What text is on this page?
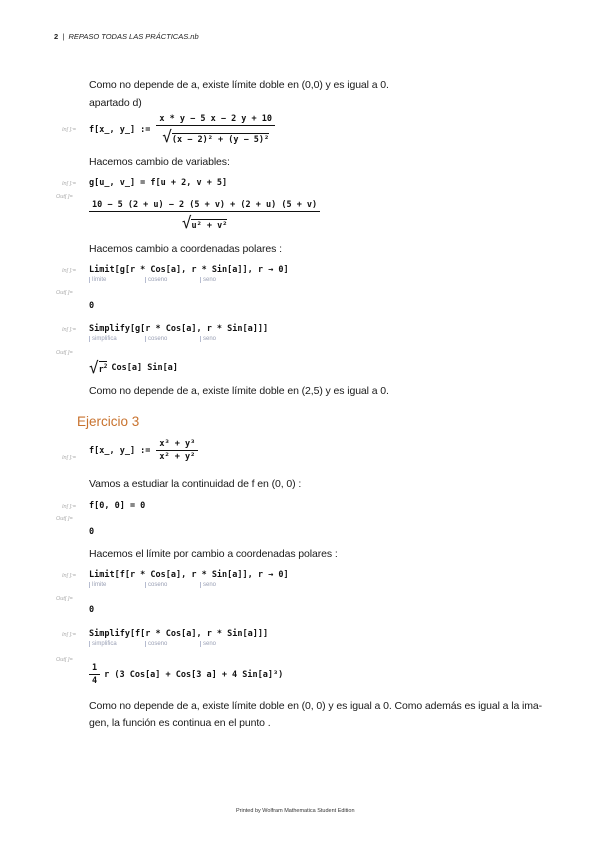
2 | REPASO TODAS LAS PRÁCTICAS.nb
Como no depende de a, existe límite doble en (0,0) y es igual a 0.
apartado d)
In[ ]:= f[x_, y_] := $\frac{x * y - 5 x - 2 y + 10}{\text{√(x − 2)² + (y − 5)²}}$
Hacemos cambio de variables:
In[ ]:= g[u_, v_] = f[u + 2, v + 5]
Out[ ]=
$\frac{10 - 5 (2 + u) - 2 (5 + v) + (2 + u) (5 + v)}{\text{√u² + v²}}$
Hacemos cambio a coordenadas polares :
In[ ]:= Limit[g[r * Cos[a], r * Sin[a]], r → 0]
límite	coseno	seno
Out[ ]=
0
In[ ]:= Simplify[g[r * Cos[a], r * Sin[a]]]
simplifica	coseno	seno
Out[ ]=
√ $r^2$ Cos[a] Sin[a]
Como no depende de a, existe límite doble en (2,5) y es igual a 0.
Ejercicio 3
In[ ]:=
f[x_, y_] := $\frac{\text{x³ + y³}}{\text{x² + y²}}$
Vamos a estudiar la continuidad de f en (0, 0) :
In[ ]:= f[0, 0] = 0
Out[ ]=
0
Hacemos el límite por cambio a coordenadas polares :
In[ ]:= Limit[f[r * Cos[a], r * Sin[a]], r → 0]
límite	coseno	seno
Out[ ]=
0
In[ ]:= Simplify[f[r * Cos[a], r * Sin[a]]]
simplifica	coseno	seno
Out[ ]=
$\frac{1}{4}$ r (3 Cos[a] + Cos[3 a] + 4 Sin[a]³)
Como no depende de a, existe límite doble en (0, 0) y es igual a 0. Como además es igual a la ima-
gen, la función es continua en el punto .
Printed by Wolfram Mathematica Student Edition
